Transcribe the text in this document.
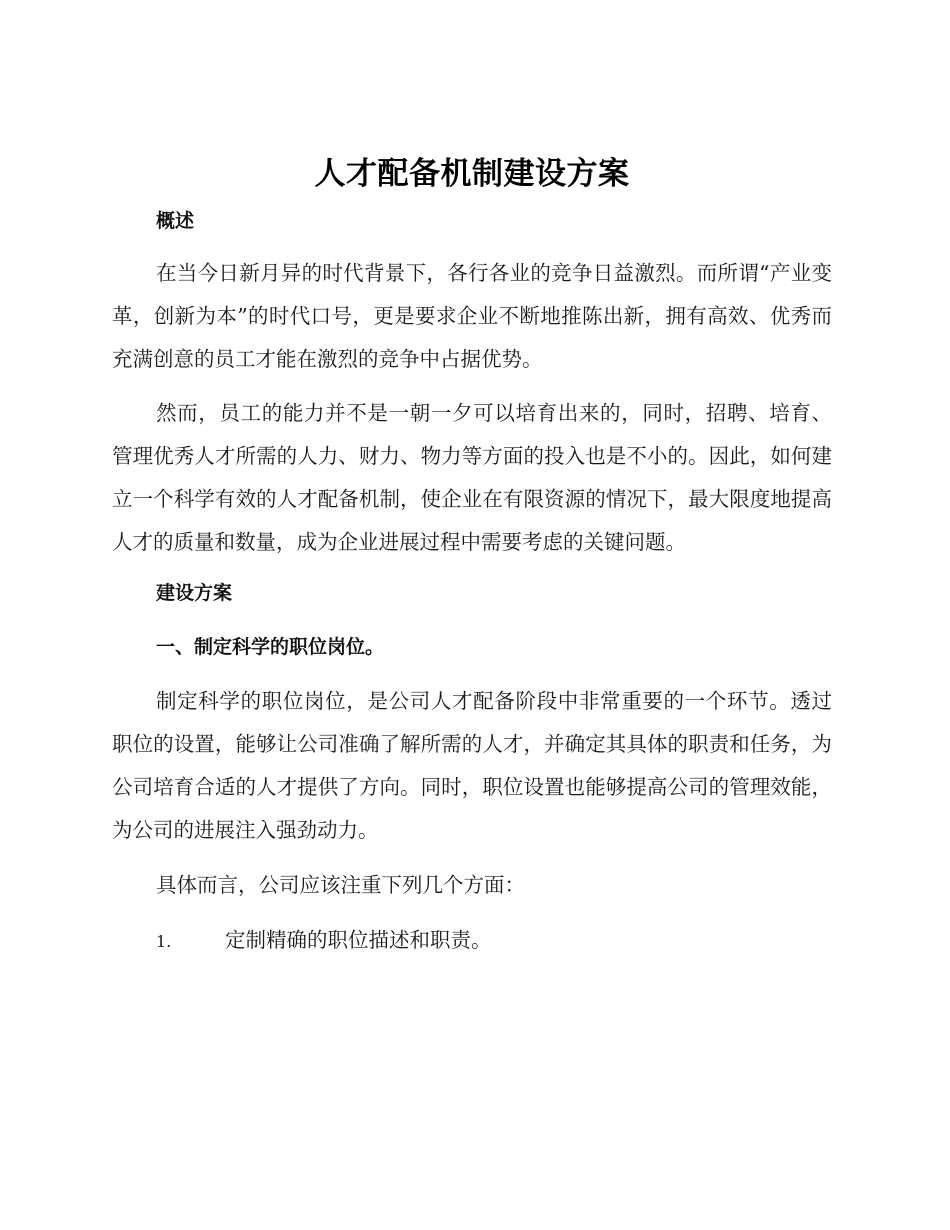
人才配备机制建设方案
概述

在当今日新月异的时代背景下，各行各业的竞争日益激烈。而所谓“产业变革，创新为本”的时代口号，更是要求企业不断地推陈出新，拥有高效、优秀而充满创意的员工才能在激烈的竞争中占据优势。

然而，员工的能力并不是一朝一夕可以培育出来的，同时，招聘、培育、管理优秀人才所需的人力、财力、物力等方面的投入也是不小的。因此，如何建立一个科学有效的人才配备机制，使企业在有限资源的情况下，最大限度地提高人才的质量和数量，成为企业进展过程中需要考虑的关键问题。

建设方案
一、制定科学的职位岗位。

制定科学的职位岗位，是公司人才配备阶段中非常重要的一个环节。透过职位的设置，能够让公司准确了解所需的人才，并确定其具体的职责和任务，为公司培育合适的人才提供了方向。同时，职位设置也能够提高公司的管理效能，为公司的进展注入强劲动力。

具体而言，公司应该注重下列几个方面：

1.	定制精确的职位描述和职责。
